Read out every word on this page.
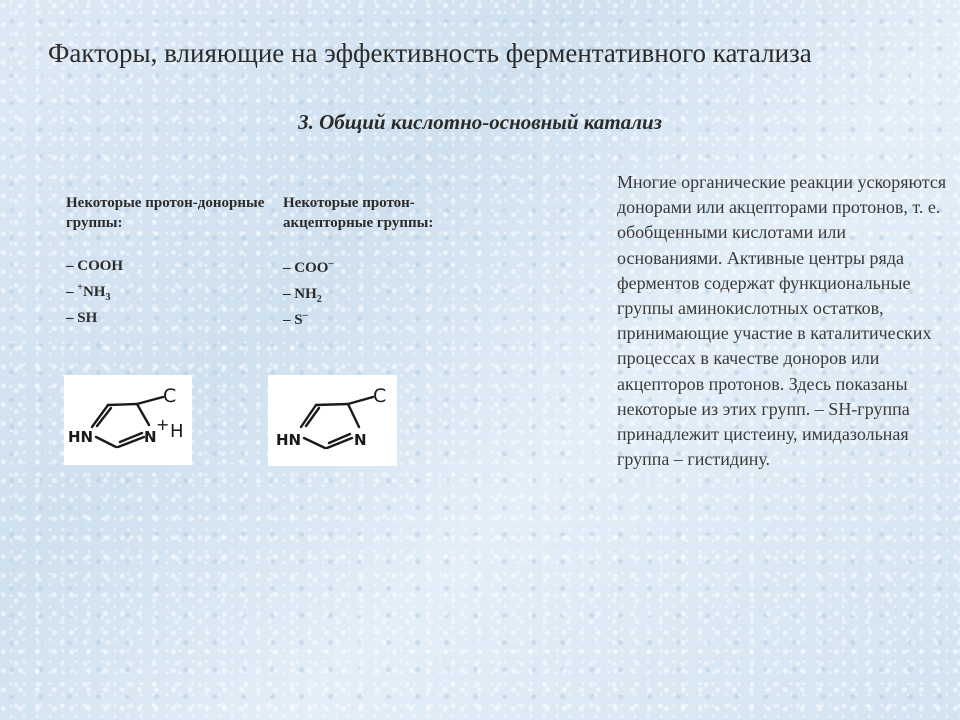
Факторы, влияющие на эффективность ферментативного катализа
3. Общий кислотно-основный катализ
Некоторые протон-донорные группы:
– COOH
– $^+NH_3$
– SH
Некоторые протон-акцепторные группы:
– COO–
– $NH_2$
– S–
HN	N
+ H
C
HN	N
C

Многие органические реакции ускоряются донорами или акцепторами протонов, т. е. обобщенными кислотами или основаниями. Активные центры ряда ферментов содержат функциональные группы аминокислотных остатков, принимающие участие в каталитических процессах в качестве доноров или акцепторов протонов. Здесь показаны некоторые из этих групп. – SH-группа принадлежит цистеину, имидазольная группа – гистидину.
